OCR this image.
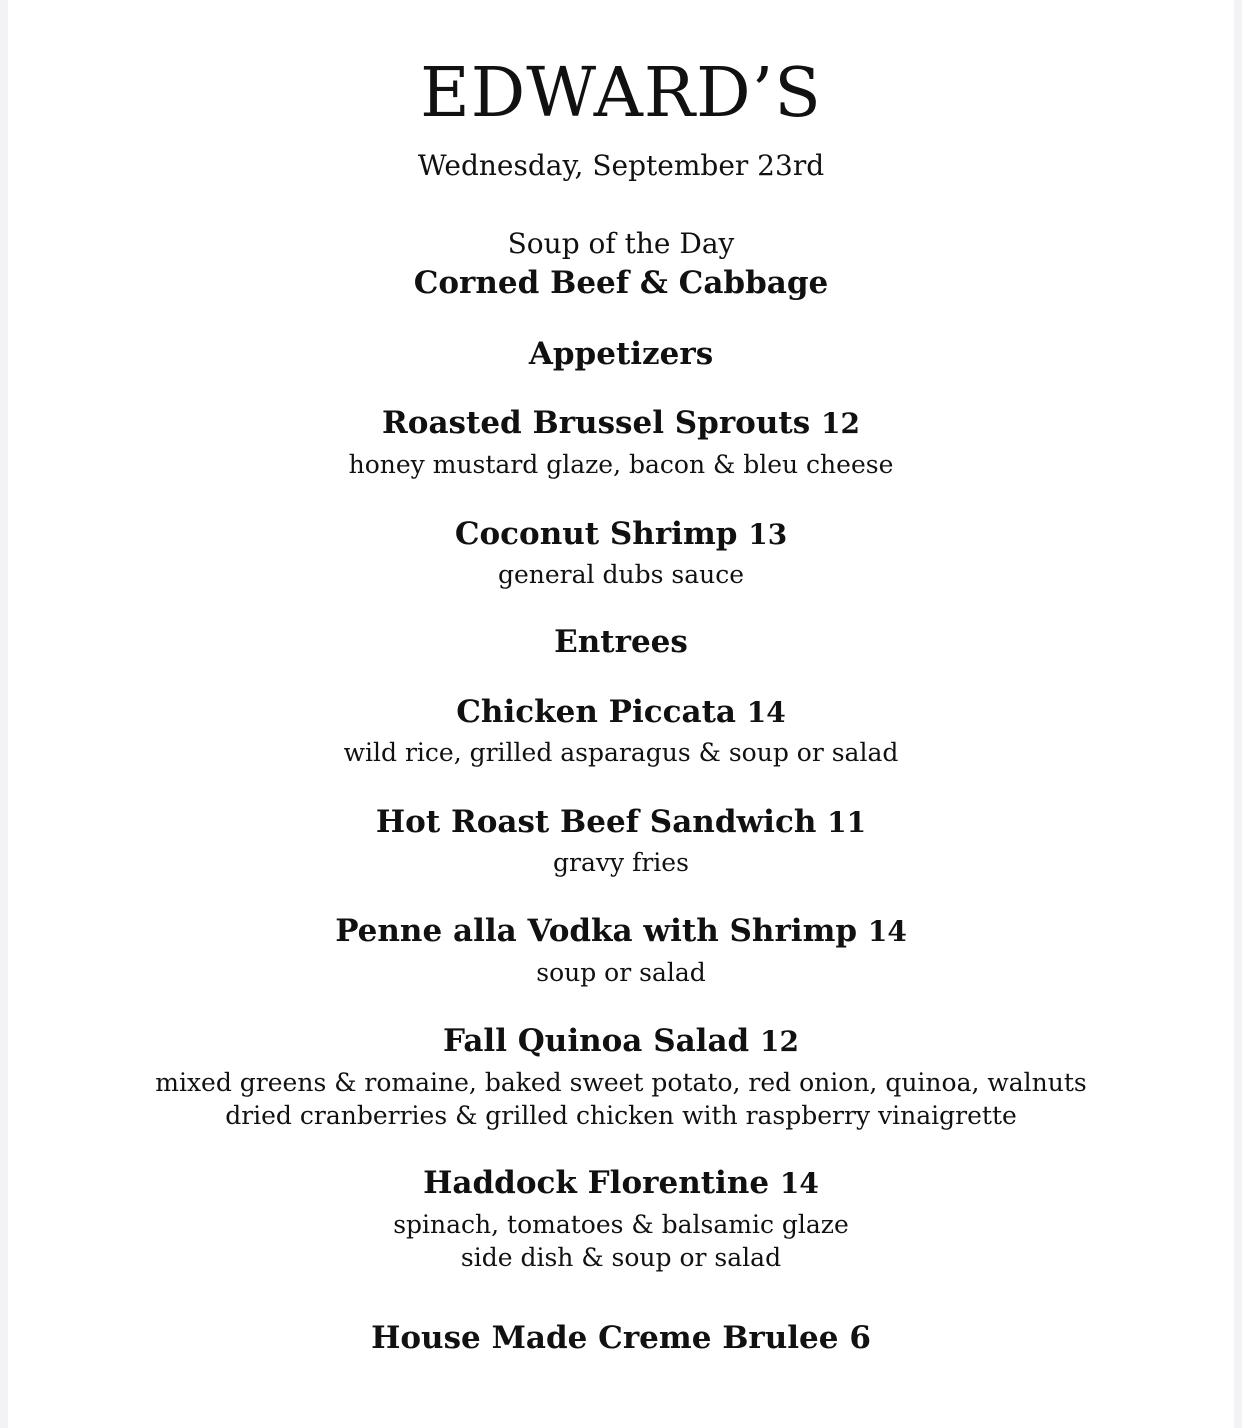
EDWARD’S
Wednesday, September 23rd
Soup of the Day
Corned Beef & Cabbage
Appetizers
Roasted Brussel Sprouts 12
honey mustard glaze, bacon & bleu cheese
Coconut Shrimp 13
general dubs sauce
Entrees
Chicken Piccata 14
wild rice, grilled asparagus & soup or salad
Hot Roast Beef Sandwich 11
gravy fries
Penne alla Vodka with Shrimp 14
soup or salad
Fall Quinoa Salad 12
mixed greens & romaine, baked sweet potato, red onion, quinoa, walnuts
dried cranberries & grilled chicken with raspberry vinaigrette
Haddock Florentine 14
spinach, tomatoes & balsamic glaze
side dish & soup or salad
House Made Creme Brulee 6
